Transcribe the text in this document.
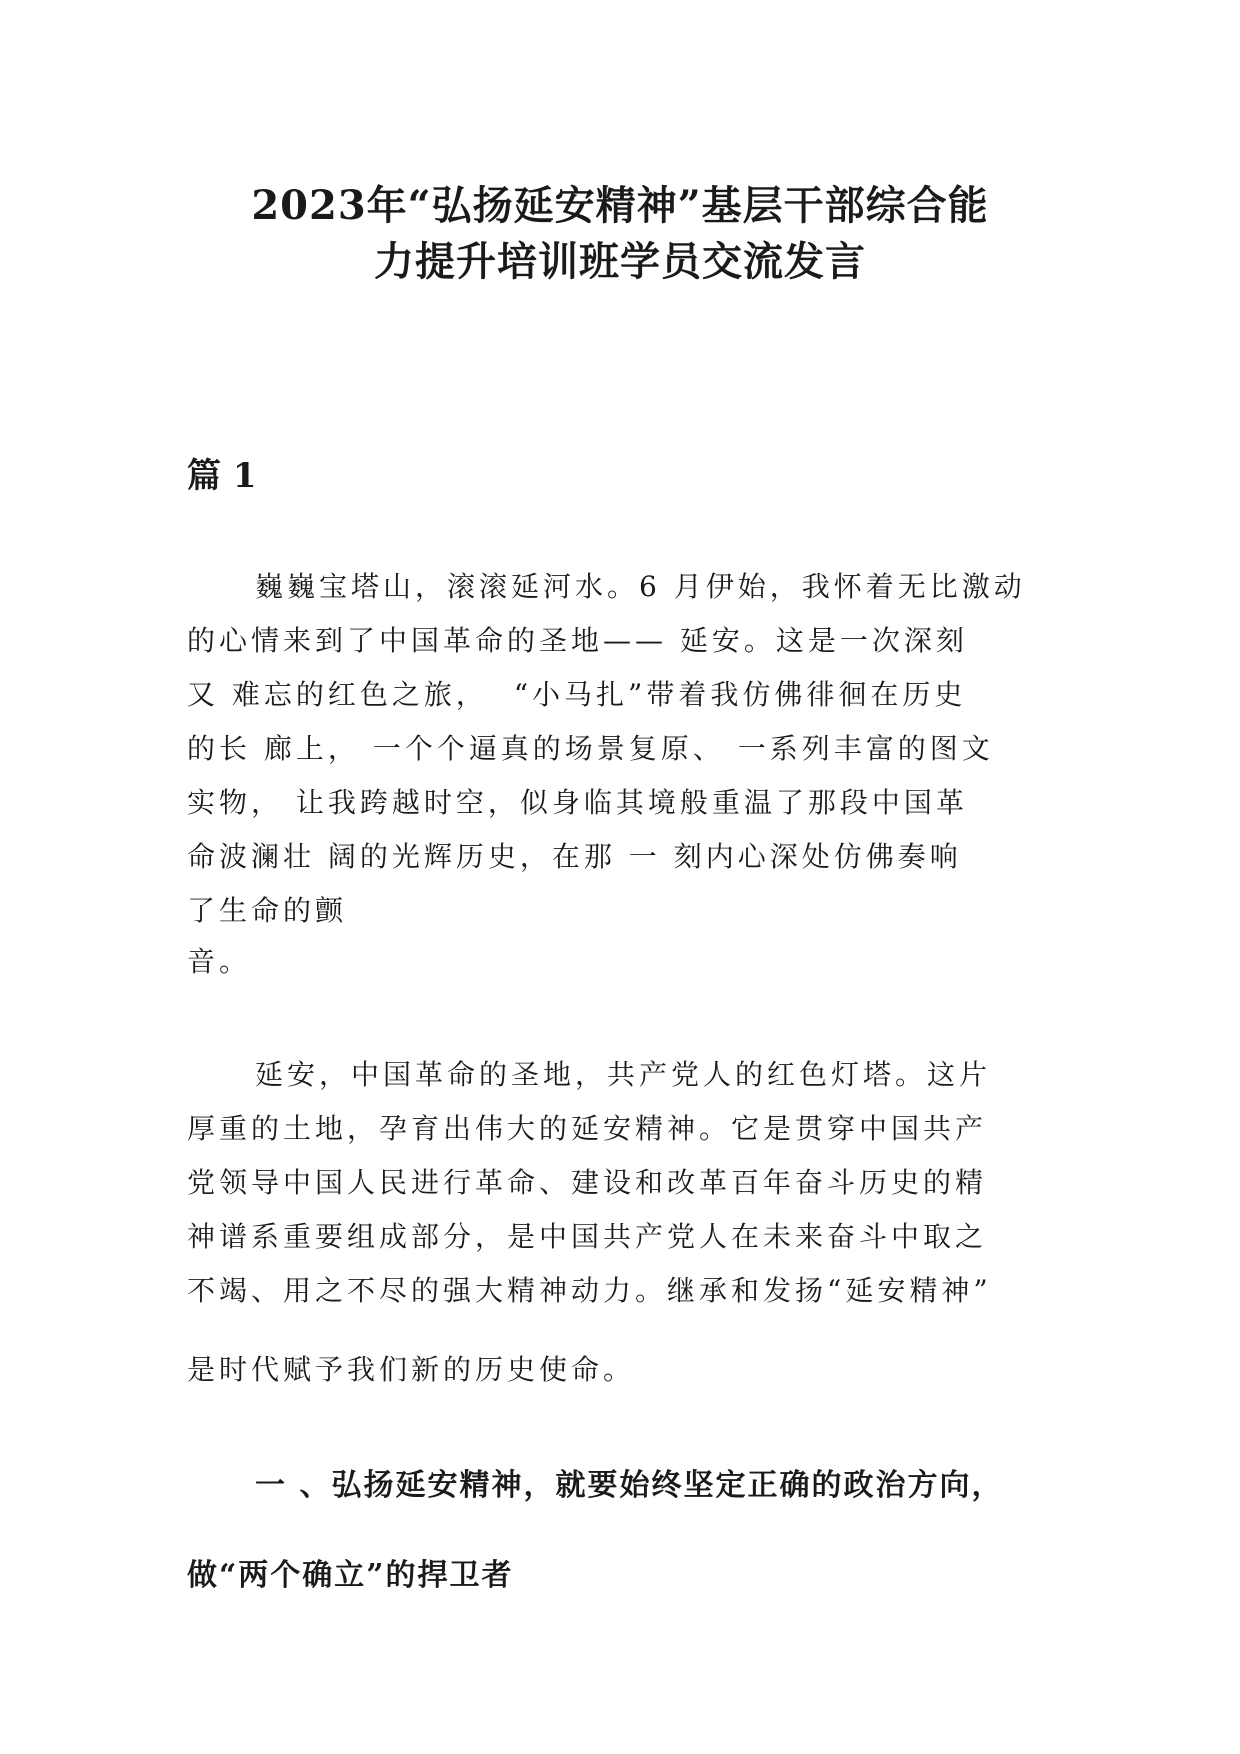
2023年“弘扬延安精神”基层干部综合能
力提升培训班学员交流发言
篇 1
巍巍宝塔山，滚滚延河水。6 月伊始，我怀着无比激动
的心情来到了中国革命的圣地—— 延安。这是一次深刻
又 难忘的红色之旅，  “小马扎”带着我仿佛徘徊在历史
的长 廊上， 一个个逼真的场景复原、 一系列丰富的图文
实物， 让我跨越时空，似身临其境般重温了那段中国革
命波澜壮 阔的光辉历史，在那 一 刻内心深处仿佛奏响
了生命的颤
音。
延安，中国革命的圣地，共产党人的红色灯塔。这片
厚重的土地，孕育出伟大的延安精神。它是贯穿中国共产
党领导中国人民进行革命、建设和改革百年奋斗历史的精
神谱系重要组成部分，是中国共产党人在未来奋斗中取之
不竭、用之不尽的强大精神动力。继承和发扬“延安精神”
是时代赋予我们新的历史使命。
一 、弘扬延安精神，就要始终坚定正确的政治方向，
做“两个确立”的捍卫者
